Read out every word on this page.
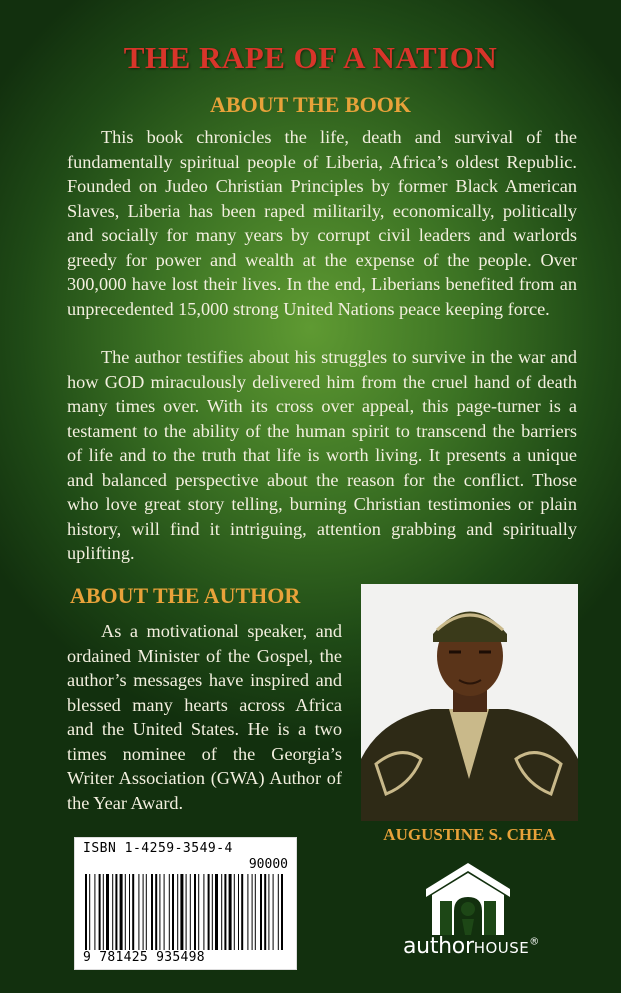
THE RAPE OF A NATION
ABOUT THE BOOK

This book chronicles the life, death and survival of the fundamentally spiritual people of Liberia, Africa’s oldest Republic. Founded on Judeo Christian Principles by former Black American Slaves, Liberia has been raped militarily, economically, politically and socially for many years by corrupt civil leaders and warlords greedy for power and wealth at the expense of the people. Over 300,000 have lost their lives. In the end, Liberians benefited from an unprecedented 15,000 strong United Nations peace keeping force.

The author testifies about his struggles to survive in the war and how GOD miraculously delivered him from the cruel hand of death many times over. With its cross over appeal, this page-turner is a testament to the ability of the human spirit to transcend the barriers of life and to the truth that life is worth living. It presents a unique and balanced perspective about the reason for the conflict. Those who love great story telling, burning Christian testimonies or plain history, will find it intriguing, attention grabbing and spiritually uplifting.

ABOUT THE AUTHOR

As a motivational speaker, and ordained Minister of the Gospel, the author’s messages have inspired and blessed many hearts across Africa and the United States. He is a two times nominee of the Georgia’s Writer Association (GWA) Author of the Year Award.

AUGUSTINE S. CHEA
ISBN 1-4259-3549-4
90000
9 781425 935498	authorHOUSE®
